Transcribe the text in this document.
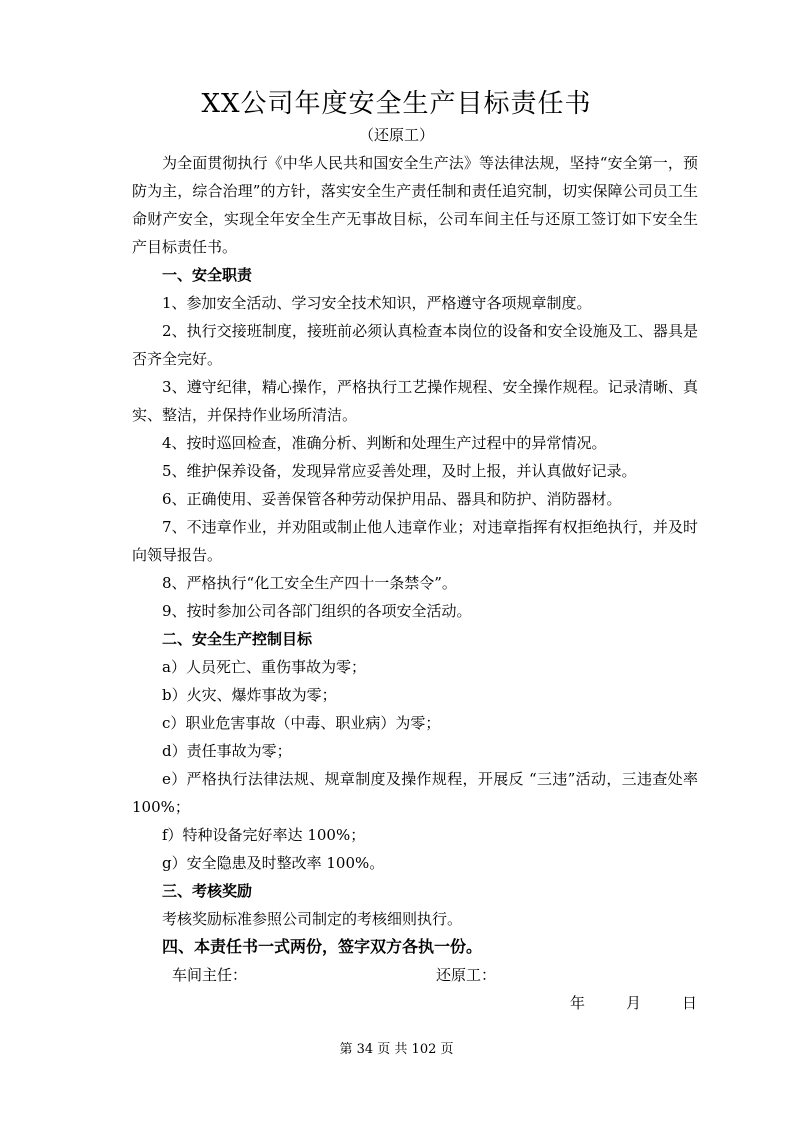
XX公司年度安全生产目标责任书
（还原工）

为全面贯彻执行《中华人民共和国安全生产法》等法律法规，坚持“安全第一，预防为主，综合治理”的方针，落实安全生产责任制和责任追究制，切实保障公司员工生命财产安全，实现全年安全生产无事故目标，公司车间主任与还原工签订如下安全生产目标责任书。

一、安全职责

1、参加安全活动、学习安全技术知识，严格遵守各项规章制度。

2、执行交接班制度，接班前必须认真检查本岗位的设备和安全设施及工、器具是否齐全完好。

3、遵守纪律，精心操作，严格执行工艺操作规程、安全操作规程。记录清晰、真实、整洁，并保持作业场所清洁。

4、按时巡回检查，准确分析、判断和处理生产过程中的异常情况。

5、维护保养设备，发现异常应妥善处理，及时上报，并认真做好记录。

6、正确使用、妥善保管各种劳动保护用品、器具和防护、消防器材。

7、不违章作业，并劝阻或制止他人违章作业；对违章指挥有权拒绝执行，并及时向领导报告。

8、严格执行“化工安全生产四十一条禁令”。

9、按时参加公司各部门组织的各项安全活动。

二、安全生产控制目标

a）人员死亡、重伤事故为零；

b）火灾、爆炸事故为零；

c）职业危害事故（中毒、职业病）为零；

d）责任事故为零；

e）严格执行法律法规、规章制度及操作规程，开展反 “三违”活动，三违查处率 100%；

f）特种设备完好率达 100%；

g）安全隐患及时整改率 100%。

三、考核奖励

考核奖励标准参照公司制定的考核细则执行。

四、本责任书一式两份，签字双方各执一份。

车间主任：	还原工：
年	月	日
第 34 页 共 102 页
